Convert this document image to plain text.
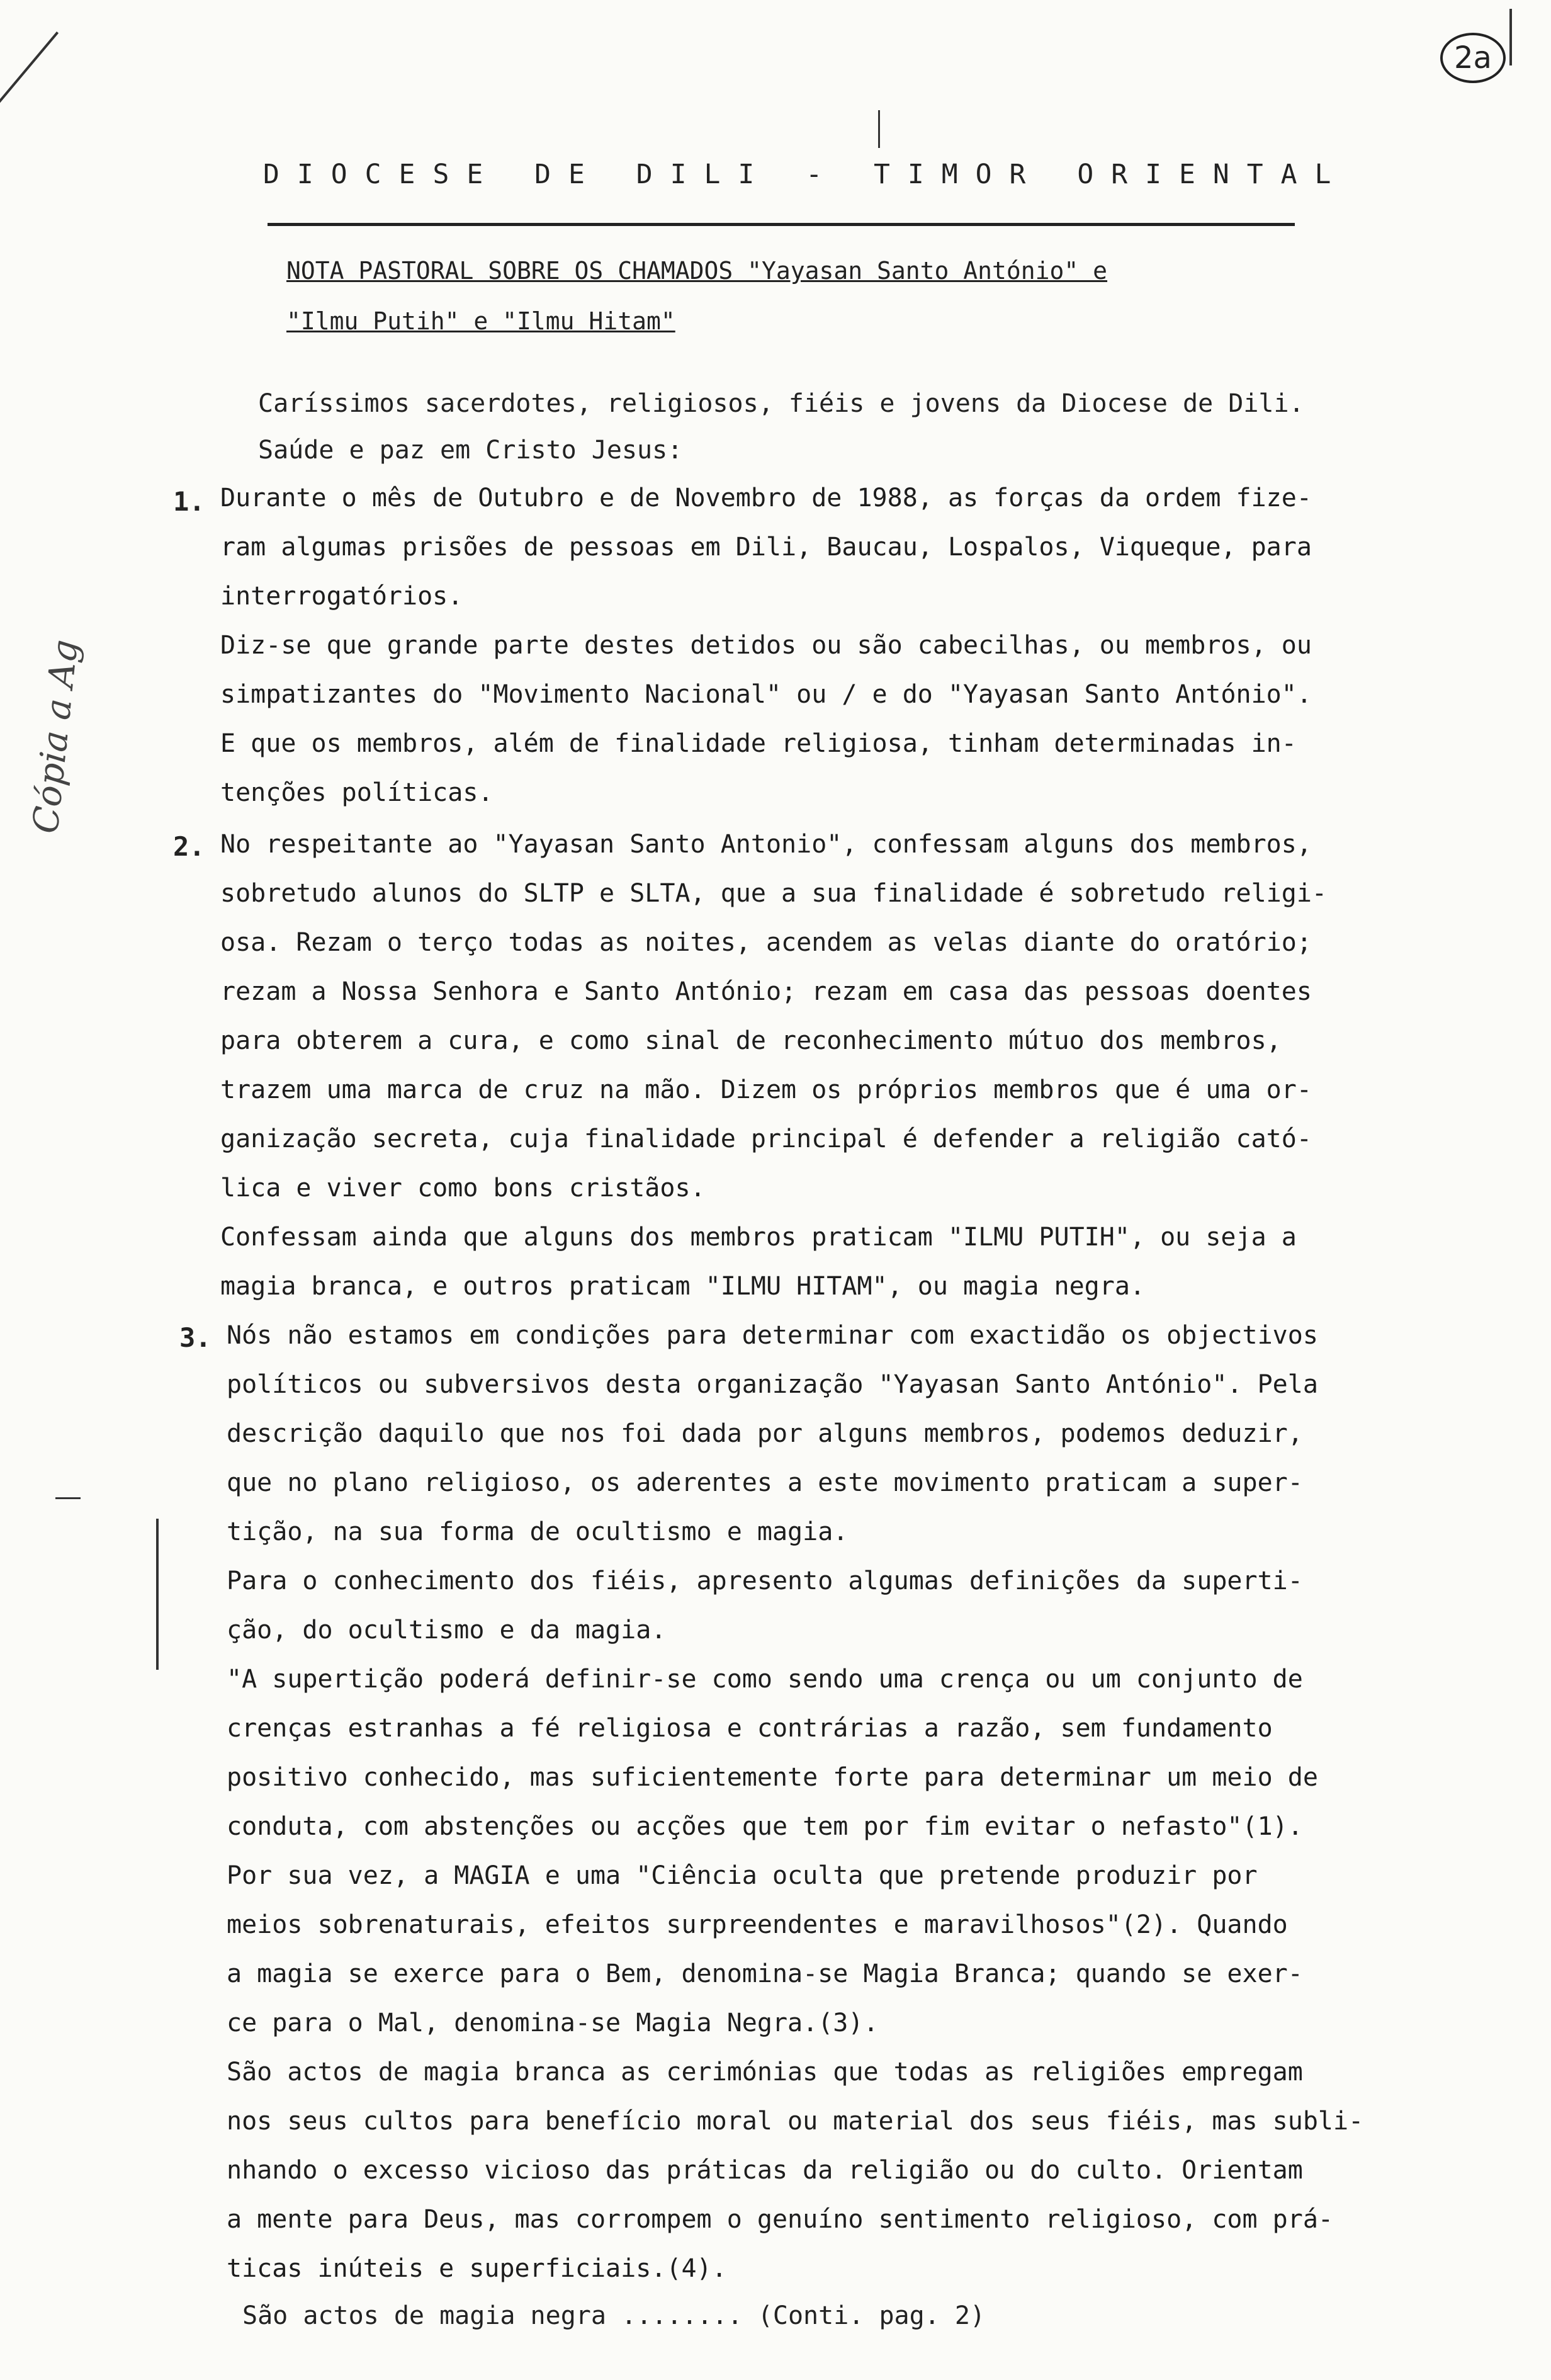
2a
DIOCESE DE DILI - TIMOR ORIENTAL
NOTA PASTORAL SOBRE OS CHAMADOS "Yayasan Santo António" e
"Ilmu Putih" e "Ilmu Hitam"
Caríssimos sacerdotes, religiosos, fiéis e jovens da Diocese de Dili.
Saúde e paz em Cristo Jesus:
Cópia a Ag
1. Durante o mês de Outubro e de Novembro de 1988, as forças da ordem fize-
ram algumas prisões de pessoas em Dili, Baucau, Lospalos, Viqueque, para
interrogatórios.
Diz-se que grande parte destes detidos ou são cabecilhas, ou membros, ou
simpatizantes do "Movimento Nacional" ou / e do "Yayasan Santo António".
E que os membros, além de finalidade religiosa, tinham determinadas in-
tenções políticas.
2. No respeitante ao "Yayasan Santo Antonio", confessam alguns dos membros,
sobretudo alunos do SLTP e SLTA, que a sua finalidade é sobretudo religi-
osa. Rezam o terço todas as noites, acendem as velas diante do oratório;
rezam a Nossa Senhora e Santo António; rezam em casa das pessoas doentes
para obterem a cura, e como sinal de reconhecimento mútuo dos membros,
trazem uma marca de cruz na mão. Dizem os próprios membros que é uma or-
ganização secreta, cuja finalidade principal é defender a religião cató-
lica e viver como bons cristãos.
Confessam ainda que alguns dos membros praticam "ILMU PUTIH", ou seja a
magia branca, e outros praticam "ILMU HITAM", ou magia negra.
3. Nós não estamos em condições para determinar com exactidão os objectivos
políticos ou subversivos desta organização "Yayasan Santo António". Pela
descrição daquilo que nos foi dada por alguns membros, podemos deduzir,
que no plano religioso, os aderentes a este movimento praticam a super-
tição, na sua forma de ocultismo e magia.
Para o conhecimento dos fiéis, apresento algumas definições da superti-
ção, do ocultismo e da magia.
"A supertição poderá definir-se como sendo uma crença ou um conjunto de
crenças estranhas a fé religiosa e contrárias a razão, sem fundamento
positivo conhecido, mas suficientemente forte para determinar um meio de
conduta, com abstenções ou acções que tem por fim evitar o nefasto"(1).
Por sua vez, a MAGIA e uma "Ciência oculta que pretende produzir por
meios sobrenaturais, efeitos surpreendentes e maravilhosos"(2). Quando
a magia se exerce para o Bem, denomina-se Magia Branca; quando se exer-
ce para o Mal, denomina-se Magia Negra.(3).
São actos de magia branca as cerimónias que todas as religiões empregam
nos seus cultos para benefício moral ou material dos seus fiéis, mas subli-
nhando o excesso vicioso das práticas da religião ou do culto. Orientam
a mente para Deus, mas corrompem o genuíno sentimento religioso, com prá-
ticas inúteis e superficiais.(4).
São actos de magia negra ........ (Conti. pag. 2)
